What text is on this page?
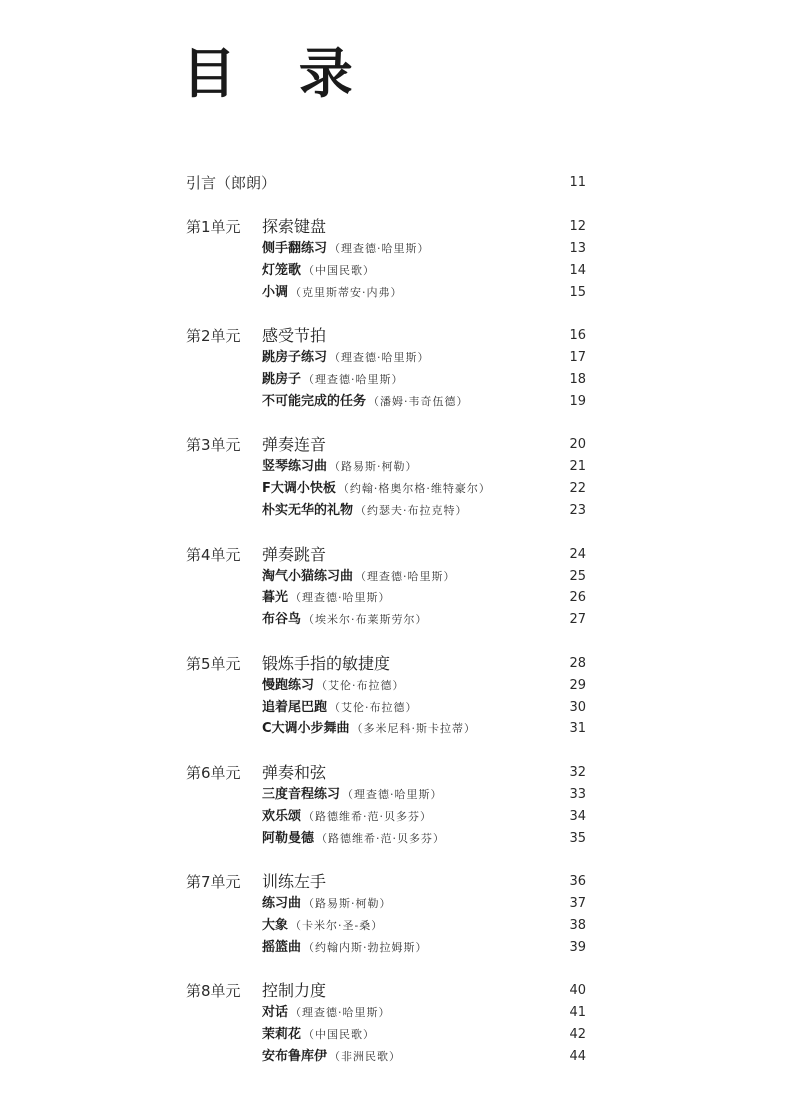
目 录
引言（郎朗）	11
第1单元 探索键盘	12
侧手翻练习 （理查德·哈里斯）	13
灯笼歌 （中国民歌）	14
小调 （克里斯蒂安·内弗）	15
第2单元 感受节拍	16
跳房子练习 （理查德·哈里斯）	17
跳房子 （理查德·哈里斯）	18
不可能完成的任务 （潘姆·韦奇伍德）	19
第3单元 弹奏连音	20
竖琴练习曲 （路易斯·柯勒）	21
F大调小快板 （约翰·格奥尔格·维特豪尔）	22
朴实无华的礼物 （约瑟夫·布拉克特）	23
第4单元 弹奏跳音	24
淘气小猫练习曲 （理查德·哈里斯）	25
暮光 （理查德·哈里斯）	26
布谷鸟 （埃米尔·布莱斯劳尔）	27
第5单元 锻炼手指的敏捷度	28
慢跑练习 （艾伦·布拉德）	29
追着尾巴跑 （艾伦·布拉德）	30
C大调小步舞曲 （多米尼科·斯卡拉蒂）	31
第6单元 弹奏和弦	32
三度音程练习 （理查德·哈里斯）	33
欢乐颂 （路德维希·范·贝多芬）	34
阿勒曼德 （路德维希·范·贝多芬）	35
第7单元 训练左手	36
练习曲 （路易斯·柯勒）	37
大象 （卡米尔·圣-桑）	38
摇篮曲 （约翰内斯·勃拉姆斯）	39
第8单元 控制力度	40
对话 （理查德·哈里斯）	41
茉莉花 （中国民歌）	42
安布鲁库伊 （非洲民歌）	44
